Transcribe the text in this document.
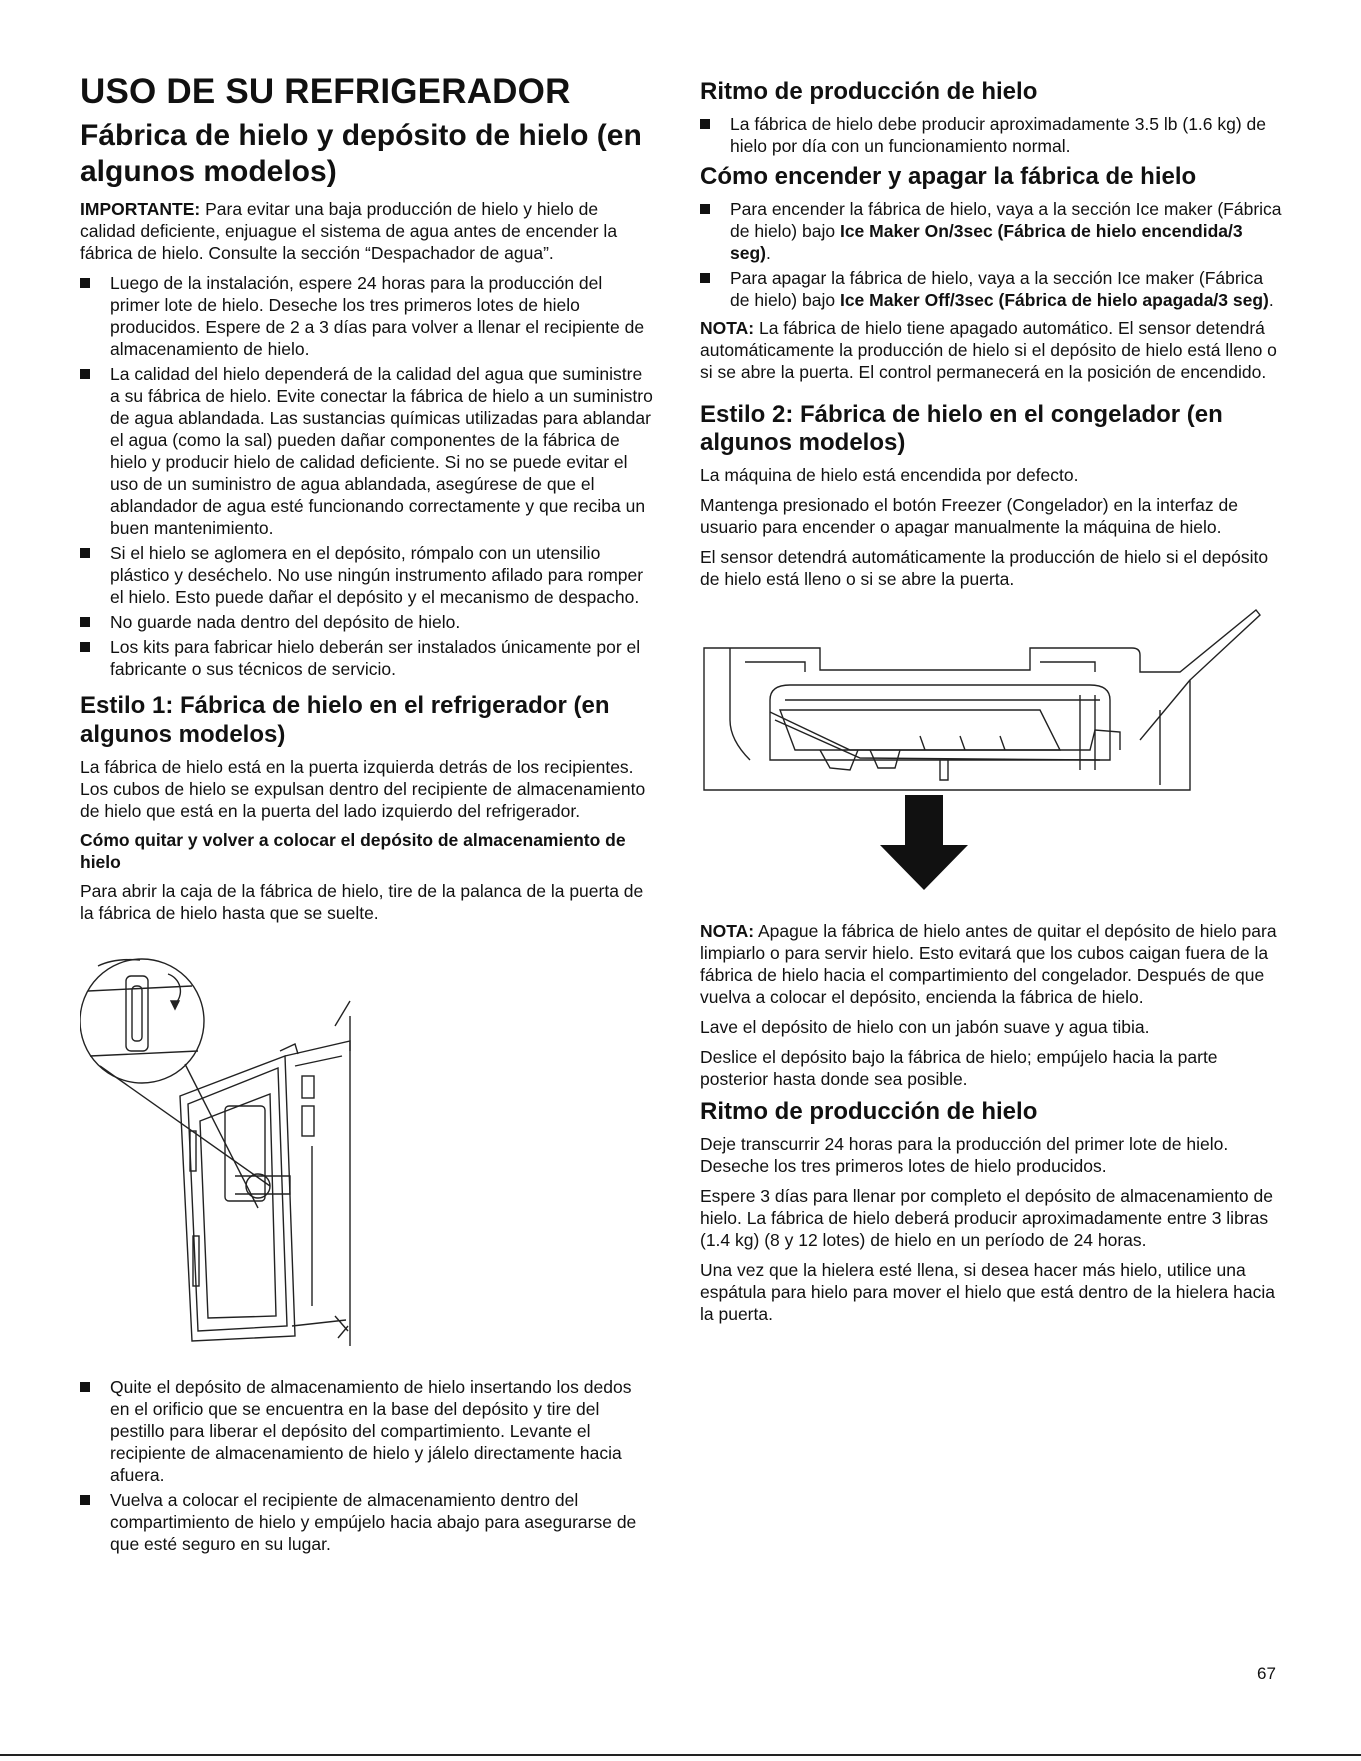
USO DE SU REFRIGERADOR
Fábrica de hielo y depósito de hielo (en algunos modelos)

IMPORTANTE: Para evitar una baja producción de hielo y hielo de calidad deficiente, enjuague el sistema de agua antes de encender la fábrica de hielo. Consulte la sección “Despachador de agua”.

Luego de la instalación, espere 24 horas para la producción del primer lote de hielo. Deseche los tres primeros lotes de hielo producidos. Espere de 2 a 3 días para volver a llenar el recipiente de almacenamiento de hielo.
La calidad del hielo dependerá de la calidad del agua que suministre a su fábrica de hielo. Evite conectar la fábrica de hielo a un suministro de agua ablandada. Las sustancias químicas utilizadas para ablandar el agua (como la sal) pueden dañar componentes de la fábrica de hielo y producir hielo de calidad deficiente. Si no se puede evitar el uso de un suministro de agua ablandada, asegúrese de que el ablandador de agua esté funcionando correctamente y que reciba un buen mantenimiento.
Si el hielo se aglomera en el depósito, rómpalo con un utensilio plástico y deséchelo. No use ningún instrumento afilado para romper el hielo. Esto puede dañar el depósito y el mecanismo de despacho.
No guarde nada dentro del depósito de hielo.
Los kits para fabricar hielo deberán ser instalados únicamente por el fabricante o sus técnicos de servicio.
Estilo 1: Fábrica de hielo en el refrigerador (en algunos modelos)

La fábrica de hielo está en la puerta izquierda detrás de los recipientes. Los cubos de hielo se expulsan dentro del recipiente de almacenamiento de hielo que está en la puerta del lado izquierdo del refrigerador.

Cómo quitar y volver a colocar el depósito de almacenamiento de hielo

Para abrir la caja de la fábrica de hielo, tire de la palanca de la puerta de la fábrica de hielo hasta que se suelte.

Quite el depósito de almacenamiento de hielo insertando los dedos en el orificio que se encuentra en la base del depósito y tire del pestillo para liberar el depósito del compartimiento. Levante el recipiente de almacenamiento de hielo y jálelo directamente hacia afuera.
Vuelva a colocar el recipiente de almacenamiento dentro del compartimiento de hielo y empújelo hacia abajo para asegurarse de que esté seguro en su lugar.
Ritmo de producción de hielo
La fábrica de hielo debe producir aproximadamente 3.5 lb (1.6 kg) de hielo por día con un funcionamiento normal.
Cómo encender y apagar la fábrica de hielo
Para encender la fábrica de hielo, vaya a la sección Ice maker (Fábrica de hielo) bajo Ice Maker On/3sec (Fábrica de hielo encendida/3 seg).
Para apagar la fábrica de hielo, vaya a la sección Ice maker (Fábrica de hielo) bajo Ice Maker Off/3sec (Fábrica de hielo apagada/3 seg).

NOTA: La fábrica de hielo tiene apagado automático. El sensor detendrá automáticamente la producción de hielo si el depósito de hielo está lleno o si se abre la puerta. El control permanecerá en la posición de encendido.

Estilo 2: Fábrica de hielo en el congelador (en algunos modelos)

La máquina de hielo está encendida por defecto.

Mantenga presionado el botón Freezer (Congelador) en la interfaz de usuario para encender o apagar manualmente la máquina de hielo.

El sensor detendrá automáticamente la producción de hielo si el depósito de hielo está lleno o si se abre la puerta.

NOTA: Apague la fábrica de hielo antes de quitar el depósito de hielo para limpiarlo o para servir hielo. Esto evitará que los cubos caigan fuera de la fábrica de hielo hacia el compartimiento del congelador. Después de que vuelva a colocar el depósito, encienda la fábrica de hielo.

Lave el depósito de hielo con un jabón suave y agua tibia.

Deslice el depósito bajo la fábrica de hielo; empújelo hacia la parte posterior hasta donde sea posible.

Ritmo de producción de hielo

Deje transcurrir 24 horas para la producción del primer lote de hielo. Deseche los tres primeros lotes de hielo producidos.

Espere 3 días para llenar por completo el depósito de almacenamiento de hielo. La fábrica de hielo deberá producir aproximadamente entre 3 libras (1.4 kg) (8 y 12 lotes) de hielo en un período de 24 horas.

Una vez que la hielera esté llena, si desea hacer más hielo, utilice una espátula para hielo para mover el hielo que está dentro de la hielera hacia la puerta.

67
